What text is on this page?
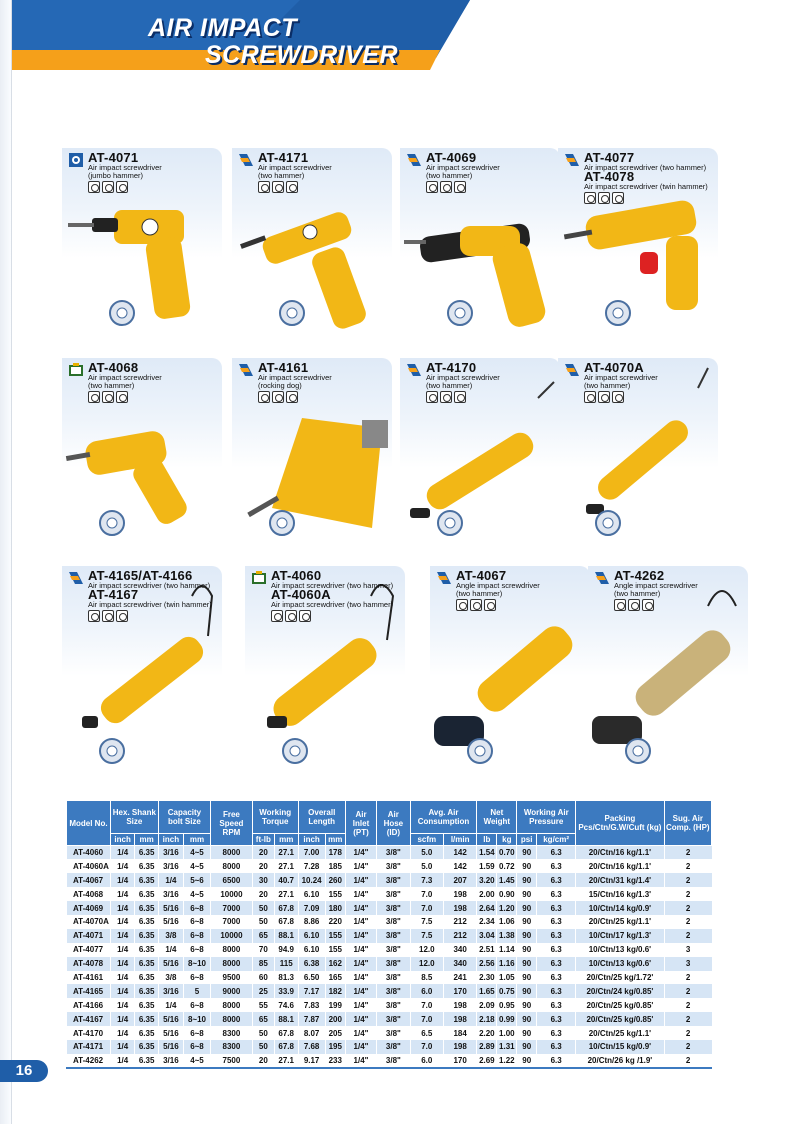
AIR IMPACT
SCREWDRIVER
AT-4071
Air impact screwdriver
(jumbo hammer)
AT-4171
Air impact screwdriver
(two hammer)
AT-4069
Air impact screwdriver
(two hammer)
AT-4077
Air impact screwdriver (two hammer)
AT-4078
Air impact screwdriver (twin hammer)
AT-4068
Air impact screwdriver
(two hammer)
AT-4161
Air impact screwdriver
(rocking dog)
AT-4170
Air impact screwdriver
(two hammer)
AT-4070A
Air impact screwdriver
(two hammer)
AT-4165/AT-4166
Air impact screwdriver (two hammer)
AT-4167
Air impact screwdriver (twin hammer)
AT-4060
Air impact screwdriver (two hammer)
AT-4060A
Air impact screwdriver (two hammer)
AT-4067
Angle impact screwdriver
(two hammer)
AT-4262
Angle impact screwdriver
(two hammer)
Model No.	Hex. Shank Size		Capacity bolt Size		Free Speed RPM	Working Torque		Overall Length		Air Inlet (PT)	Air Hose (ID)	Avg. Air Consumption		Net Weight		Working Air Pressure		Packing Pcs/Ctn/G.W/Cuft (kg)	Sug. Air Comp. (HP)
	inch	mm	inch	mm		ft-lb	mm	inch	mm			scfm	l/min	lb	kg	psi	kg/cm²		
AT-4060	1/4	6.35	3/16	4~5	8000	20	27.1	7.00	178	1/4"	3/8"	5.0	142	1.54	0.70	90	6.3	20/Ctn/16 kg/1.1'	2
AT-4060A	1/4	6.35	3/16	4~5	8000	20	27.1	7.28	185	1/4"	3/8"	5.0	142	1.59	0.72	90	6.3	20/Ctn/16 kg/1.1'	2
AT-4067	1/4	6.35	1/4	5~6	6500	30	40.7	10.24	260	1/4"	3/8"	7.3	207	3.20	1.45	90	6.3	20/Ctn/31 kg/1.4'	2
AT-4068	1/4	6.35	3/16	4~5	10000	20	27.1	6.10	155	1/4"	3/8"	7.0	198	2.00	0.90	90	6.3	15/Ctn/16 kg/1.3'	2
AT-4069	1/4	6.35	5/16	6~8	7000	50	67.8	7.09	180	1/4"	3/8"	7.0	198	2.64	1.20	90	6.3	10/Ctn/14 kg/0.9'	2
AT-4070A	1/4	6.35	5/16	6~8	7000	50	67.8	8.86	220	1/4"	3/8"	7.5	212	2.34	1.06	90	6.3	20/Ctn/25 kg/1.1'	2
AT-4071	1/4	6.35	3/8	6~8	10000	65	88.1	6.10	155	1/4"	3/8"	7.5	212	3.04	1.38	90	6.3	10/Ctn/17 kg/1.3'	2
AT-4077	1/4	6.35	1/4	6~8	8000	70	94.9	6.10	155	1/4"	3/8"	12.0	340	2.51	1.14	90	6.3	10/Ctn/13 kg/0.6'	3
AT-4078	1/4	6.35	5/16	8~10	8000	85	115	6.38	162	1/4"	3/8"	12.0	340	2.56	1.16	90	6.3	10/Ctn/13 kg/0.6'	3
AT-4161	1/4	6.35	3/8	6~8	9500	60	81.3	6.50	165	1/4"	3/8"	8.5	241	2.30	1.05	90	6.3	20/Ctn/25 kg/1.72'	2
AT-4165	1/4	6.35	3/16	5	9000	25	33.9	7.17	182	1/4"	3/8"	6.0	170	1.65	0.75	90	6.3	20/Ctn/24 kg/0.85'	2
AT-4166	1/4	6.35	1/4	6~8	8000	55	74.6	7.83	199	1/4"	3/8"	7.0	198	2.09	0.95	90	6.3	20/Ctn/25 kg/0.85'	2
AT-4167	1/4	6.35	5/16	8~10	8000	65	88.1	7.87	200	1/4"	3/8"	7.0	198	2.18	0.99	90	6.3	20/Ctn/25 kg/0.85'	2
AT-4170	1/4	6.35	5/16	6~8	8300	50	67.8	8.07	205	1/4"	3/8"	6.5	184	2.20	1.00	90	6.3	20/Ctn/25 kg/1.1'	2
AT-4171	1/4	6.35	5/16	6~8	8300	50	67.8	7.68	195	1/4"	3/8"	7.0	198	2.89	1.31	90	6.3	10/Ctn/15 kg/0.9'	2
AT-4262	1/4	6.35	3/16	4~5	7500	20	27.1	9.17	233	1/4"	3/8"	6.0	170	2.69	1.22	90	6.3	20/Ctn/26 kg /1.9'	2
16
